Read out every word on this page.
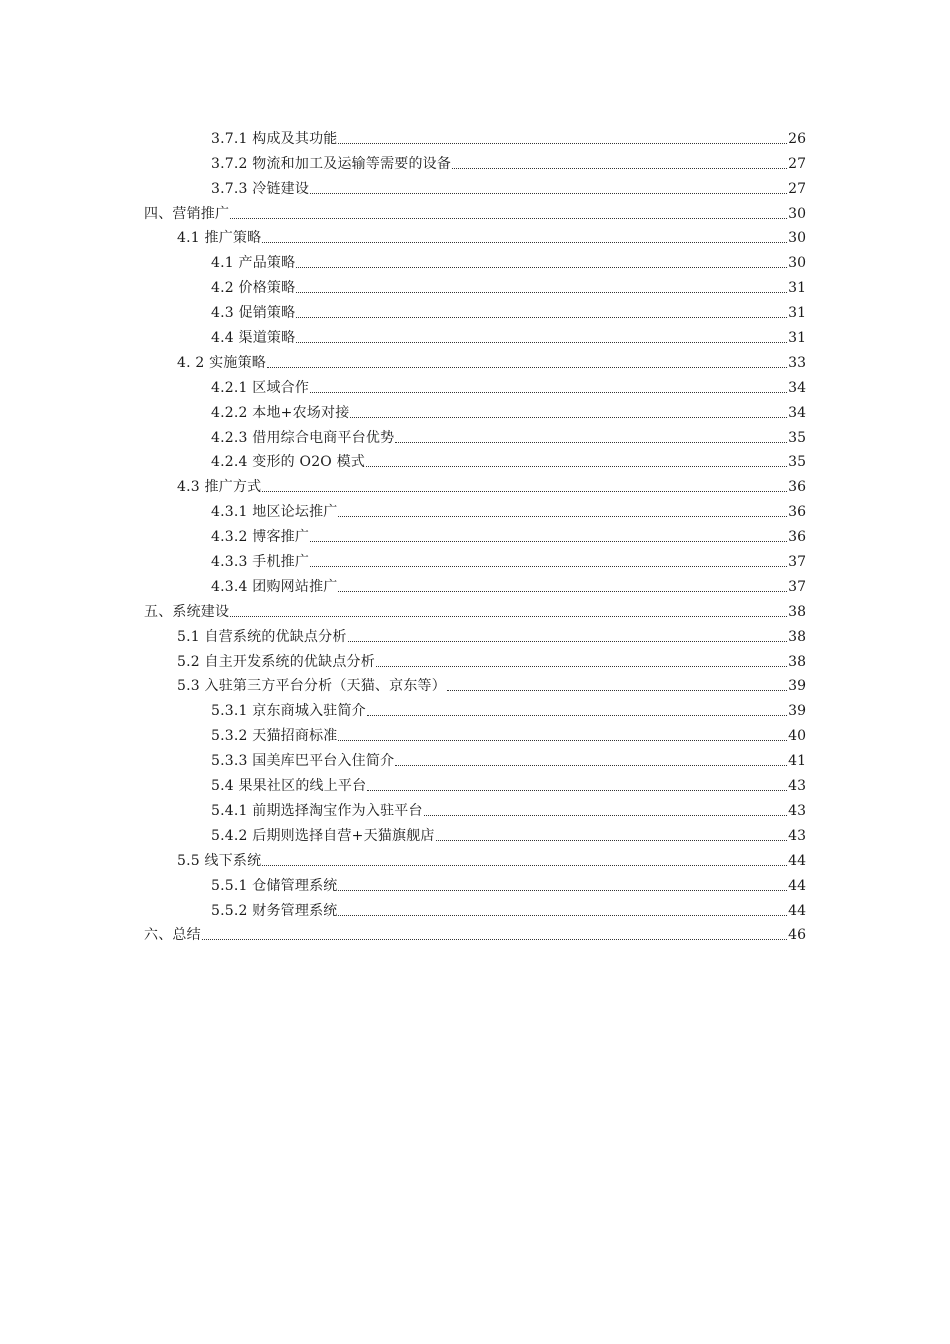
3.7.1 构成及其功能	26
3.7.2 物流和加工及运输等需要的设备	27
3.7.3 冷链建设	27
四、营销推广	30
4.1 推广策略	30
4.1 产品策略	30
4.2 价格策略	31
4.3 促销策略	31
4.4 渠道策略	31
4. 2 实施策略	33
4.2.1 区域合作	34
4.2.2 本地+农场对接	34
4.2.3 借用综合电商平台优势	35
4.2.4 变形的 O2O 模式	35
4.3 推广方式	36
4.3.1 地区论坛推广	36
4.3.2 博客推广	36
4.3.3 手机推广	37
4.3.4 团购网站推广	37
五、系统建设	38
5.1 自营系统的优缺点分析	38
5.2 自主开发系统的优缺点分析	38
5.3 入驻第三方平台分析（天猫、京东等）	39
5.3.1 京东商城入驻简介	39
5.3.2 天猫招商标准	40
5.3.3 国美库巴平台入住简介	41
5.4 果果社区的线上平台	43
5.4.1 前期选择淘宝作为入驻平台	43
5.4.2 后期则选择自营+天猫旗舰店	43
5.5 线下系统	44
5.5.1 仓储管理系统	44
5.5.2 财务管理系统	44
六、总结	46
